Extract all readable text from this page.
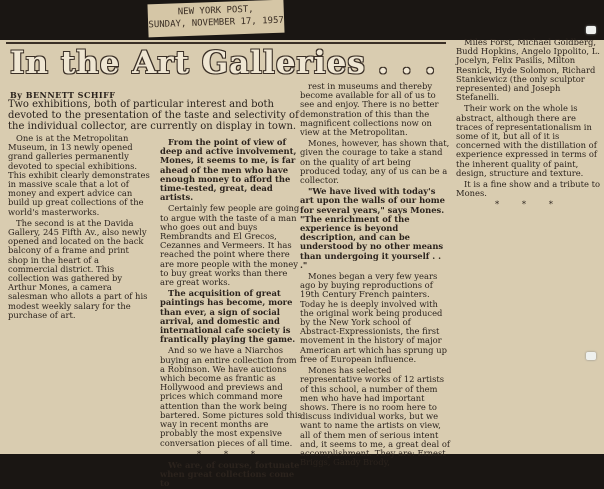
NEW YORK POST,
SUNDAY, NOVEMBER 17, 1957
In the Art Galleries . . .
By BENNETT SCHIFF
Two exhibitions, both of particular interest and both devoted to the presentation of the taste and selectivity of the individual collector, are currently on display in town.

One is at the Metropolitan Museum, in 13 newly opened grand galleries permanently devoted to special exhibitions. This exhibit clearly demonstrates in massive scale that a lot of money and expert advice can build up great collections of the world's masterworks.

The second is at the Davida Gallery, 245 Fifth Av., also newly opened and located on the back balcony of a frame and print shop in the heart of a commercial district. This collection was gathered by Arthur Mones, a camera salesman who allots a part of his modest weekly salary for the purchase of art.

From the point of view of deep and active involvement, Mones, it seems to me, is far ahead of the men who have enough money to afford the time-tested, great, dead artists.

Certainly few people are going to argue with the taste of a man who goes out and buys Rembrandts and El Grecos, Cezannes and Vermeers. It has reached the point where there are more people with the money to buy great works than there are great works.

The acquisition of great paintings has become, more than ever, a sign of social arrival, and domestic and international cafe society is frantically playing the game.

And so we have a Niarchos buying an entire collection from a Robinson. We have auctions which become as frantic as Hollywood and previews and prices which command more attention than the work being bartered. Some pictures sold this way in recent months are probably the most expensive conversation pieces of all time.

* * *

We are, of course, fortunate when great collections come to

rest in museums and thereby become available for all of us to see and enjoy. There is no better demonstration of this than the magnificent collections now on view at the Metropolitan.

Mones, however, has shown that, given the courage to take a stand on the quality of art being produced today, any of us can be a collector.

"We have lived with today's art upon the walls of our home for several years," says Mones. "The enrichment of the experience is beyond description, and can be understood by no other means than undergoing it yourself . . ."

Mones began a very few years ago by buying reproductions of 19th Century French painters. Today he is deeply involved with the original work being produced by the New York school of Abstract-Expressionists, the first movement in the history of major American art which has sprung up free of European influence.

Mones has selected representative works of 12 artists of this school, a number of them men who have had important shows. There is no room here to discuss individual works, but we want to name the artists on view, all of them men of serious intent and, it seems to me, a great deal of accomplishment. They are: Ernest Briggs, Gandy Brody,

Miles Forst, Michael Goldberg, Budd Hopkins, Angelo Ippolito, L. Jocelyn, Felix Pasilis, Milton Resnick, Hyde Solomon, Richard Stankiewicz (the only sculptor represented) and Joseph Stefanelli.

Their work on the whole is abstract, although there are traces of representationalism in some of it, but all of it is concerned with the distillation of experience expressed in terms of the inherent quality of paint, design, structure and texture.

It is a fine show and a tribute to Mones.

* * *
